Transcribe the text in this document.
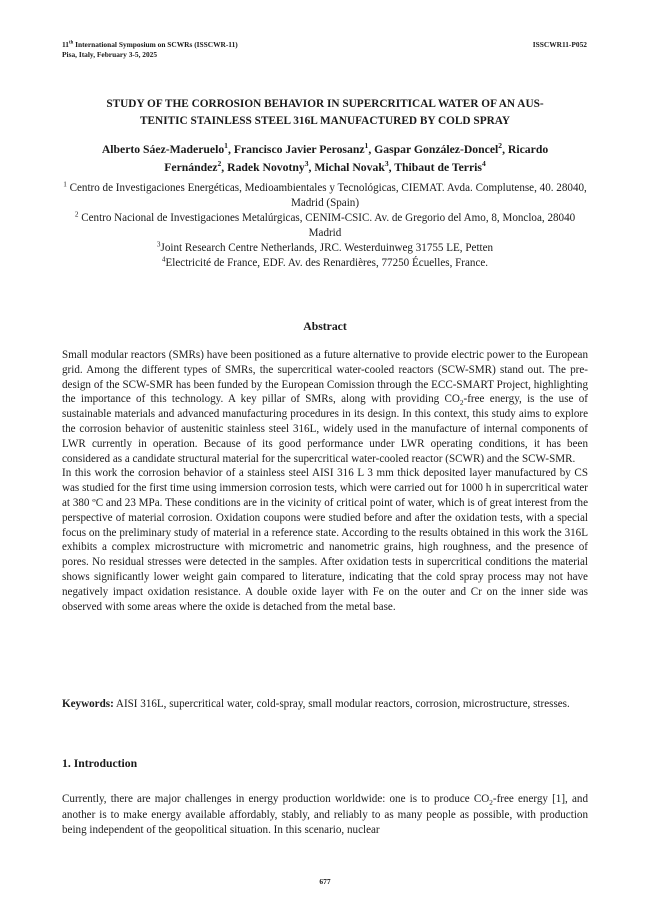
11th International Symposium on SCWRs (ISSCWR-11)
Pisa, Italy, February 3-5, 2025
ISSCWR11-P052
STUDY OF THE CORROSION BEHAVIOR IN SUPERCRITICAL WATER OF AN AUS-
TENITIC STAINLESS STEEL 316L MANUFACTURED BY COLD SPRAY
Alberto Sáez-Maderuelo$^1$, Francisco Javier Perosanz$^1$, Gaspar González-Doncel$^2$, Ricardo
Fernández$^2$, Radek Novotny$^3$, Michal Novak$^3$, Thibaut de Terris$^4$
$^1$ Centro de Investigaciones Energéticas, Medioambientales y Tecnológicas, CIEMAT. Avda. Complutense, 40. 28040, Madrid (Spain)
$^2$ Centro Nacional de Investigaciones Metalúrgicas, CENIM-CSIC. Av. de Gregorio del Amo, 8, Moncloa, 28040 Madrid
$^3$Joint Research Centre Netherlands, JRC. Westerduinweg 31755 LE, Petten
$^4$Electricité de France, EDF. Av. des Renardières, 77250 Écuelles, France.
Abstract

Small modular reactors (SMRs) have been positioned as a future alternative to provide electric power to the European grid. Among the different types of SMRs, the supercritical water-cooled reactors (SCW-SMR) stand out. The pre- design of the SCW-SMR has been funded by the European Comission through the ECC-SMART Project, highlighting the importance of this technology. A key pillar of SMRs, along with providing $CO_2$-free energy, is the use of sustainable materials and advanced manufacturing procedures in its design. In this context, this study aims to explore the corrosion behavior of austenitic stainless steel 316L, widely used in the manufacture of internal components of LWR currently in operation. Because of its good performance under LWR operating conditions, it has been considered as a candidate structural material for the supercritical water-cooled reactor (SCWR) and the SCW-SMR.

In this work the corrosion behavior of a stainless steel AISI 316 L 3 mm thick deposited layer manufactured by CS was studied for the first time using immersion corrosion tests, which were carried out for 1000 h in supercritical water at 380 ºC and 23 MPa. These conditions are in the vicinity of critical point of water, which is of great interest from the perspective of material corrosion. Oxidation coupons were studied before and after the oxidation tests, with a special focus on the preliminary study of material in a reference state. According to the results obtained in this work the 316L exhibits a complex microstructure with micrometric and nanometric grains, high roughness, and the presence of pores. No residual stresses were detected in the samples. After oxidation tests in supercritical conditions the material shows significantly lower weight gain compared to literature, indicating that the cold spray process may not have negatively impact oxidation resistance. A double oxide layer with Fe on the outer and Cr on the inner side was observed with some areas where the oxide is detached from the metal base.

Keywords: AISI 316L, supercritical water, cold-spray, small modular reactors, corrosion, microstructure, stresses.
1. Introduction

Currently, there are major challenges in energy production worldwide: one is to produce $CO_2$-free energy [1], and another is to make energy available affordably, stably, and reliably to as many people as possible, with production being independent of the geopolitical situation. In this scenario, nuclear

677
